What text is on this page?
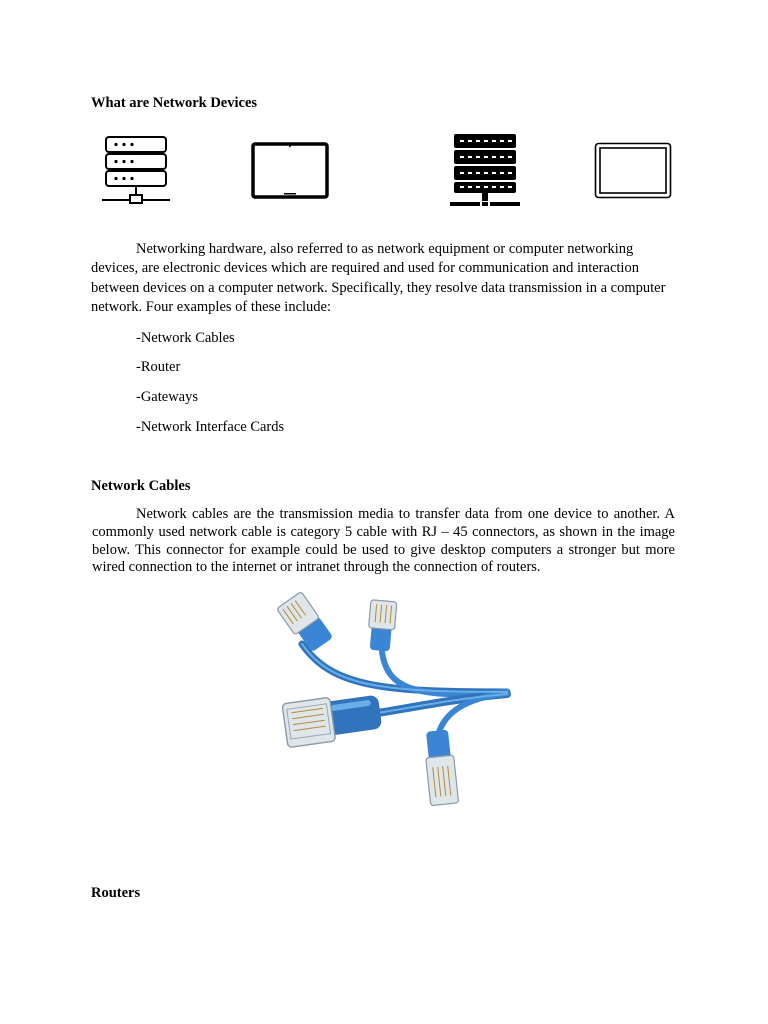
What are Network Devices

Networking hardware, also referred to as network equipment or computer networking devices, are electronic devices which are required and used for communication and interaction between devices on a computer network. Specifically, they resolve data transmission in a computer network. Four examples of these include:

-Network Cables

-Router

-Gateways

-Network Interface Cards

Network Cables

Network cables are the transmission media to transfer data from one device to another. A commonly used network cable is category 5 cable with RJ – 45 connectors, as shown in the image below. This connector for example could be used to give desktop computers a stronger but more wired connection to the internet or intranet through the connection of routers.

Routers
